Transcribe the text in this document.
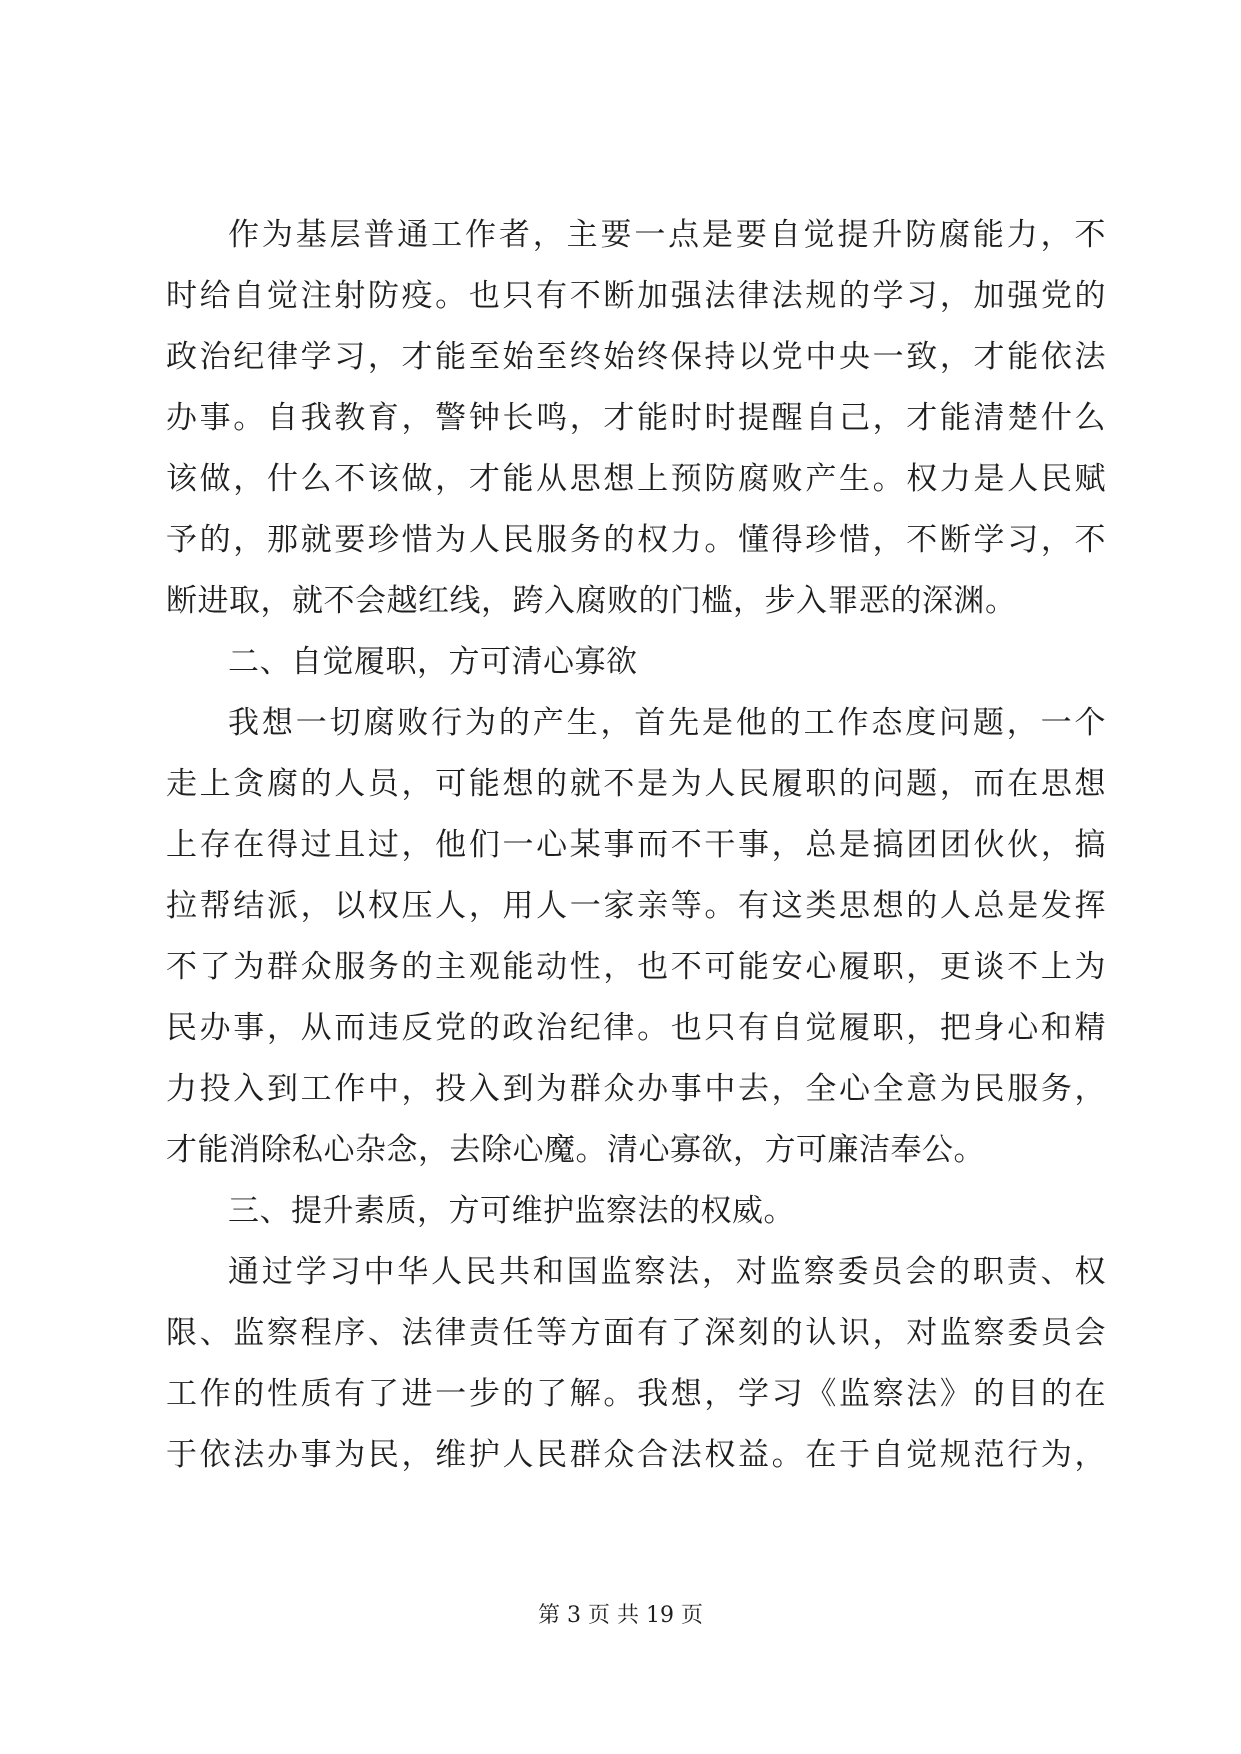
作为基层普通工作者，主要一点是要自觉提升防腐能力，不
时给自觉注射防疫。也只有不断加强法律法规的学习，加强党的
政治纪律学习，才能至始至终始终保持以党中央一致，才能依法
办事。自我教育，警钟长鸣，才能时时提醒自己，才能清楚什么
该做，什么不该做，才能从思想上预防腐败产生。权力是人民赋
予的，那就要珍惜为人民服务的权力。懂得珍惜，不断学习，不
断进取，就不会越红线，跨入腐败的门槛，步入罪恶的深渊。
二、自觉履职，方可清心寡欲
我想一切腐败行为的产生，首先是他的工作态度问题，一个
走上贪腐的人员，可能想的就不是为人民履职的问题，而在思想
上存在得过且过，他们一心某事而不干事，总是搞团团伙伙，搞
拉帮结派，以权压人，用人一家亲等。有这类思想的人总是发挥
不了为群众服务的主观能动性，也不可能安心履职，更谈不上为
民办事，从而违反党的政治纪律。也只有自觉履职，把身心和精
力投入到工作中，投入到为群众办事中去，全心全意为民服务，
才能消除私心杂念，去除心魔。清心寡欲，方可廉洁奉公。
三、提升素质，方可维护监察法的权威。
通过学习中华人民共和国监察法，对监察委员会的职责、权
限、监察程序、法律责任等方面有了深刻的认识，对监察委员会
工作的性质有了进一步的了解。我想，学习《监察法》的目的在
于依法办事为民，维护人民群众合法权益。在于自觉规范行为，
第 3 页 共 19 页
